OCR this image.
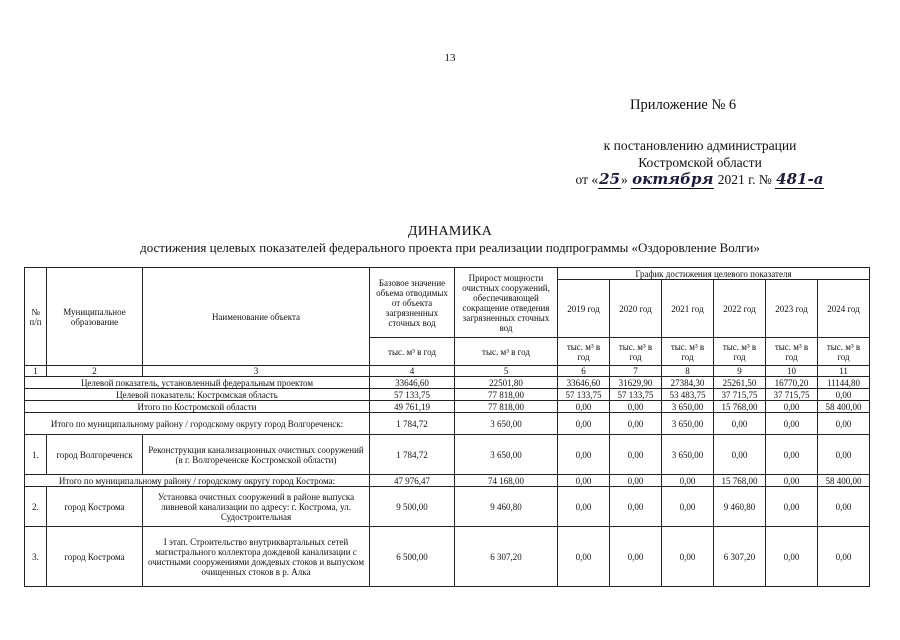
13
Приложение № 6
к постановлению администрации
Костромской области
от «25» октября 2021 г. № 481-а
ДИНАМИКА
достижения целевых показателей федерального проекта при реализации подпрограммы «Оздоровление Волги»
№ п/п	Муниципальное образование	Наименование объекта	Базовое значение объема отводимых от объекта загрязненных сточных вод	Прирост мощности очистных сооружений, обеспечивающей сокращение отведения загрязненных сточных вод	График достижения целевого показателя					
					2019 год	2020 год	2021 год	2022 год	2023 год	2024 год
			тыс. м³ в год	тыс. м³ в год	тыс. м³ в год	тыс. м³ в год	тыс. м³ в год	тыс. м³ в год	тыс. м³ в год	тыс. м³ в год
1	2	3	4	5	6	7	8	9	10	11
Целевой показатель, установленный федеральным проектом			33646,60	22501,80	33646,60	31629,90	27384,30	25261,50	16770,20	11144,80
Целевой показатель: Костромская область			57 133,75	77 818,00	57 133,75	57 133,75	53 483,75	37 715,75	37 715,75	0,00
Итого по Костромской области			49 761,19	77 818,00	0,00	0,00	3 650,00	15 768,00	0,00	58 400,00
Итого по муниципальному району / городскому округу город Волгореченск:			1 784,72	3 650,00	0,00	0,00	3 650,00	0,00	0,00	0,00
1.	город Волгореченск	Реконструкция канализационных очистных сооружений (в г. Волгореченске Костромской области)	1 784,72	3 650,00	0,00	0,00	3 650,00	0,00	0,00	0,00
Итого по муниципальному району / городскому округу город Кострома:			47 976,47	74 168,00	0,00	0,00	0,00	15 768,00	0,00	58 400,00
2.	город Кострома	Установка очистных сооружений в районе выпуска ливневой канализации по адресу: г. Кострома, ул. Судостроительная	9 500,00	9 460,80	0,00	0,00	0,00	9 460,80	0,00	0,00
3.	город Кострома	I этап. Строительство внутриквартальных сетей магистрального коллектора дождевой канализации с очистными сооружениями дождевых стоков и выпуском очищенных стоков в р. Алка	6 500,00	6 307,20	0,00	0,00	0,00	6 307,20	0,00	0,00
